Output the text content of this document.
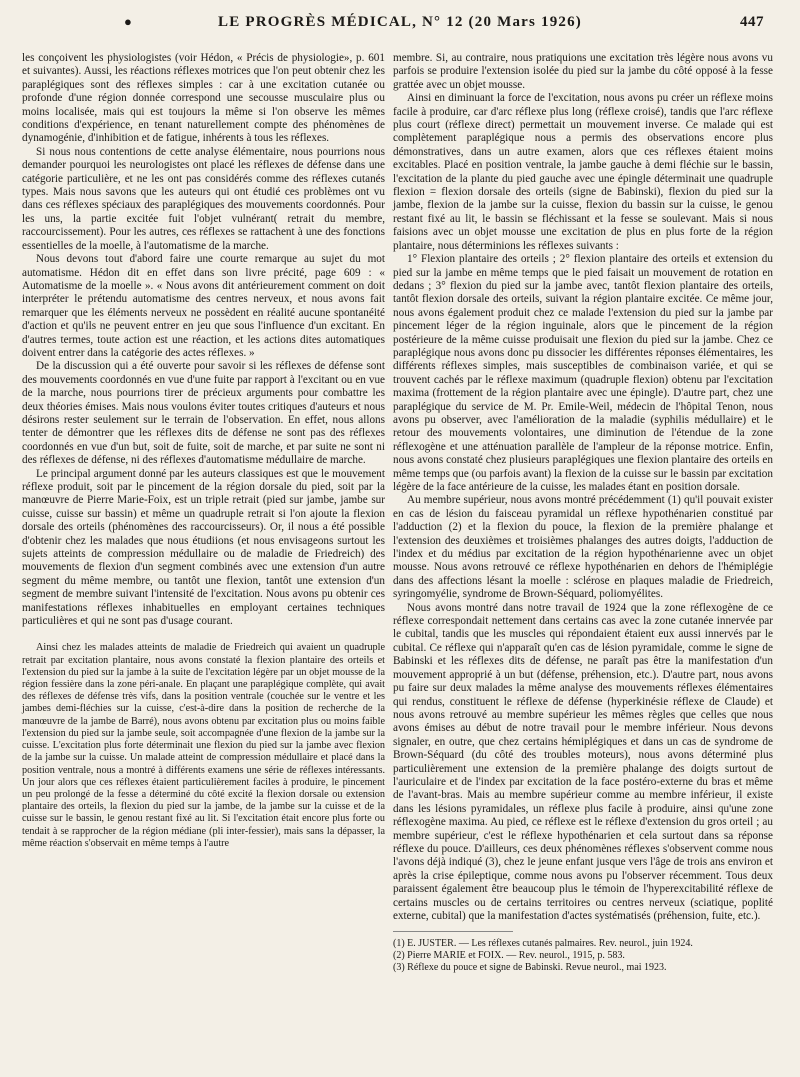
●	LE PROGRÈS MÉDICAL, N° 12 (20 Mars 1926)	447

les conçoivent les physiologistes (voir Hédon, « Précis de physiologie», p. 601 et suivantes). Aussi, les réactions réflexes motrices que l'on peut obtenir chez les paraplégiques sont des réflexes simples : car à une excitation cutanée ou profonde d'une région donnée correspond une secousse musculaire plus ou moins localisée, mais qui est toujours la même si l'on observe les mêmes conditions d'expérience, en tenant naturellement compte des phénomènes de dynamogénie, d'inhibition et de fatigue, inhérents à tous les réflexes.

Si nous nous contentions de cette analyse élémentaire, nous pourrions nous demander pourquoi les neurologistes ont placé les réflexes de défense dans une catégorie particulière, et ne les ont pas considérés comme des réflexes cutanés types. Mais nous savons que les auteurs qui ont étudié ces problèmes ont vu dans ces réflexes spéciaux des paraplégiques des mouvements coordonnés. Pour les uns, la partie excitée fuit l'objet vulnérant( retrait du membre, raccourcissement). Pour les autres, ces réflexes se rattachent à une des fonctions essentielles de la moelle, à l'automatisme de la marche.

Nous devons tout d'abord faire une courte remarque au sujet du mot automatisme. Hédon dit en effet dans son livre précité, page 609 : « Automatisme de la moelle ». « Nous avons dit antérieurement comment on doit interpréter le prétendu automatisme des centres nerveux, et nous avons fait remarquer que les éléments nerveux ne possèdent en réalité aucune spontanéité d'action et qu'ils ne peuvent entrer en jeu que sous l'influence d'un excitant. En d'autres termes, toute action est une réaction, et les actions dites automatiques doivent entrer dans la catégorie des actes réflexes. »

De la discussion qui a été ouverte pour savoir si les réflexes de défense sont des mouvements coordonnés en vue d'une fuite par rapport à l'excitant ou en vue de la marche, nous pourrions tirer de précieux arguments pour combattre les deux théories émises. Mais nous voulons éviter toutes critiques d'auteurs et nous désirons rester seulement sur le terrain de l'observation. En effet, nous allons tenter de démontrer que les réflexes dits de défense ne sont pas des réflexes coordonnés en vue d'un but, soit de fuite, soit de marche, et par suite ne sont ni des réflexes de défense, ni des réflexes d'automatisme médullaire de marche.

Le principal argument donné par les auteurs classiques est que le mouvement réflexe produit, soit par le pincement de la région dorsale du pied, soit par la manœuvre de Pierre Marie-Foix, est un triple retrait (pied sur jambe, jambe sur cuisse, cuisse sur bassin) et même un quadruple retrait si l'on ajoute la flexion dorsale des orteils (phénomènes des raccourcisseurs). Or, il nous a été possible d'obtenir chez les malades que nous étudiions (et nous envisageons surtout les sujets atteints de compression médullaire ou de maladie de Friedreich) des mouvements de flexion d'un segment combinés avec une extension d'un autre segment du même membre, ou tantôt une flexion, tantôt une extension d'un segment de membre suivant l'intensité de l'excitation. Nous avons pu obtenir ces manifestations réflexes inhabituelles en employant certaines techniques particulières et qui ne sont pas d'usage courant.

Ainsi chez les malades atteints de maladie de Friedreich qui avaient un quadruple retrait par excitation plantaire, nous avons constaté la flexion plantaire des orteils et l'extension du pied sur la jambe à la suite de l'excitation légère par un objet mousse de la région fessière dans la zone péri-anale. En plaçant une paraplégique complète, qui avait des réflexes de défense très vifs, dans la position ventrale (couchée sur le ventre et les jambes demi-fléchies sur la cuisse, c'est-à-dire dans la position de recherche de la manœuvre de la jambe de Barré), nous avons obtenu par excitation plus ou moins faible l'extension du pied sur la jambe seule, soit accompagnée d'une flexion de la jambe sur la cuisse. L'excitation plus forte déterminait une flexion du pied sur la jambe avec flexion de la jambe sur la cuisse. Un malade atteint de compression médullaire et placé dans la position ventrale, nous a montré à différents examens une série de réflexes intéressants. Un jour alors que ces réflexes étaient particulièrement faciles à produire, le pincement un peu prolongé de la fesse a déterminé du côté excité la flexion dorsale ou extension plantaire des orteils, la flexion du pied sur la jambe, de la jambe sur la cuisse et de la cuisse sur le bassin, le genou restant fixé au lit. Si l'excitation était encore plus forte ou tendait à se rapprocher de la région médiane (pli inter-fessier), mais sans la dépasser, la même réaction s'observait en même temps à l'autre

membre. Si, au contraire, nous pratiquions une excitation très légère nous avons vu parfois se produire l'extension isolée du pied sur la jambe du côté opposé à la fesse grattée avec un objet mousse.

Ainsi en diminuant la force de l'excitation, nous avons pu créer un réflexe moins facile à produire, car d'arc réflexe plus long (réflexe croisé), tandis que l'arc réflexe plus court (réflexe direct) permettait un mouvement inverse. Ce malade qui est complètement paraplégique nous a permis des observations encore plus démonstratives, dans un autre examen, alors que ces réflexes étaient moins excitables. Placé en position ventrale, la jambe gauche à demi fléchie sur le bassin, l'excitation de la plante du pied gauche avec une épingle déterminait une quadruple flexion = flexion dorsale des orteils (signe de Babinski), flexion du pied sur la jambe, flexion de la jambe sur la cuisse, flexion du bassin sur la cuisse, le genou restant fixé au lit, le bassin se fléchissant et la fesse se soulevant. Mais si nous faisions avec un objet mousse une excitation de plus en plus forte de la région plantaire, nous déterminions les réflexes suivants :

1° Flexion plantaire des orteils ; 2° flexion plantaire des orteils et extension du pied sur la jambe en même temps que le pied faisait un mouvement de rotation en dedans ; 3° flexion du pied sur la jambe avec, tantôt flexion plantaire des orteils, tantôt flexion dorsale des orteils, suivant la région plantaire excitée. Ce même jour, nous avons également produit chez ce malade l'extension du pied sur la jambe par pincement léger de la région inguinale, alors que le pincement de la région postérieure de la même cuisse produisait une flexion du pied sur la jambe. Chez ce paraplégique nous avons donc pu dissocier les différentes réponses élémentaires, les différents réflexes simples, mais susceptibles de combinaison variée, et qui se trouvent cachés par le réflexe maximum (quadruple flexion) obtenu par l'excitation maxima (frottement de la région plantaire avec une épingle). D'autre part, chez une paraplégique du service de M. Pr. Emile-Weil, médecin de l'hôpital Tenon, nous avons pu observer, avec l'amélioration de la maladie (syphilis médullaire) et le retour des mouvements volontaires, une diminution de l'étendue de la zone réflexogène et une atténuation parallèle de l'ampleur de la réponse motrice. Enfin, nous avons constaté chez plusieurs paraplégiques une flexion plantaire des orteils en même temps que (ou parfois avant) la flexion de la cuisse sur le bassin par excitation légère de la face antérieure de la cuisse, les malades étant en position dorsale.

Au membre supérieur, nous avons montré précédemment (1) qu'il pouvait exister en cas de lésion du faisceau pyramidal un réflexe hypothénarien constitué par l'adduction (2) et la flexion du pouce, la flexion de la première phalange et l'extension des deuxièmes et troisièmes phalanges des autres doigts, l'adduction de l'index et du médius par excitation de la région hypothénarienne avec un objet mousse. Nous avons retrouvé ce réflexe hypothénarien en dehors de l'hémiplégie dans des affections lésant la moelle : sclérose en plaques maladie de Friedreich, syringomyélie, syndrome de Brown-Séquard, poliomyélites.

Nous avons montré dans notre travail de 1924 que la zone réflexogène de ce réflexe correspondait nettement dans certains cas avec la zone cutanée innervée par le cubital, tandis que les muscles qui répondaient étaient eux aussi innervés par le cubital. Ce réflexe qui n'apparaît qu'en cas de lésion pyramidale, comme le signe de Babinski et les réflexes dits de défense, ne paraît pas être la manifestation d'un mouvement approprié à un but (défense, préhension, etc.). D'autre part, nous avons pu faire sur deux malades la même analyse des mouvements réflexes élémentaires qui rendus, constituent le réflexe de défense (hyperkinésie réflexe de Claude) et nous avons retrouvé au membre supérieur les mêmes règles que celles que nous avons émises au début de notre travail pour le membre inférieur. Nous devons signaler, en outre, que chez certains hémiplégiques et dans un cas de syndrome de Brown-Séquard (du côté des troubles moteurs), nous avons déterminé plus particulièrement une extension de la première phalange des doigts surtout de l'auriculaire et de l'index par excitation de la face postéro-externe du bras et même de l'avant-bras. Mais au membre supérieur comme au membre inférieur, il existe dans les lésions pyramidales, un réflexe plus facile à produire, ainsi qu'une zone réflexogène maxima. Au pied, ce réflexe est le réflexe d'extension du gros orteil ; au membre supérieur, c'est le réflexe hypothénarien et cela surtout dans sa réponse réflexe du pouce. D'ailleurs, ces deux phénomènes réflexes s'observent comme nous l'avons déjà indiqué (3), chez le jeune enfant jusque vers l'âge de trois ans environ et après la crise épileptique, comme nous avons pu l'observer récemment. Tous deux paraissent également être beaucoup plus le témoin de l'hyperexcitabilité réflexe de certains muscles ou de certains territoires ou centres nerveux (sciatique, poplité externe, cubital) que la manifestation d'actes systématisés (préhension, fuite, etc.).

(1) E. JUSTER. — Les réflexes cutanés palmaires. Rev. neurol., juin 1924.
(2) Pierre MARIE et FOIX. — Rev. neurol., 1915, p. 583.
(3) Réflexe du pouce et signe de Babinski. Revue neurol., mai 1923.
